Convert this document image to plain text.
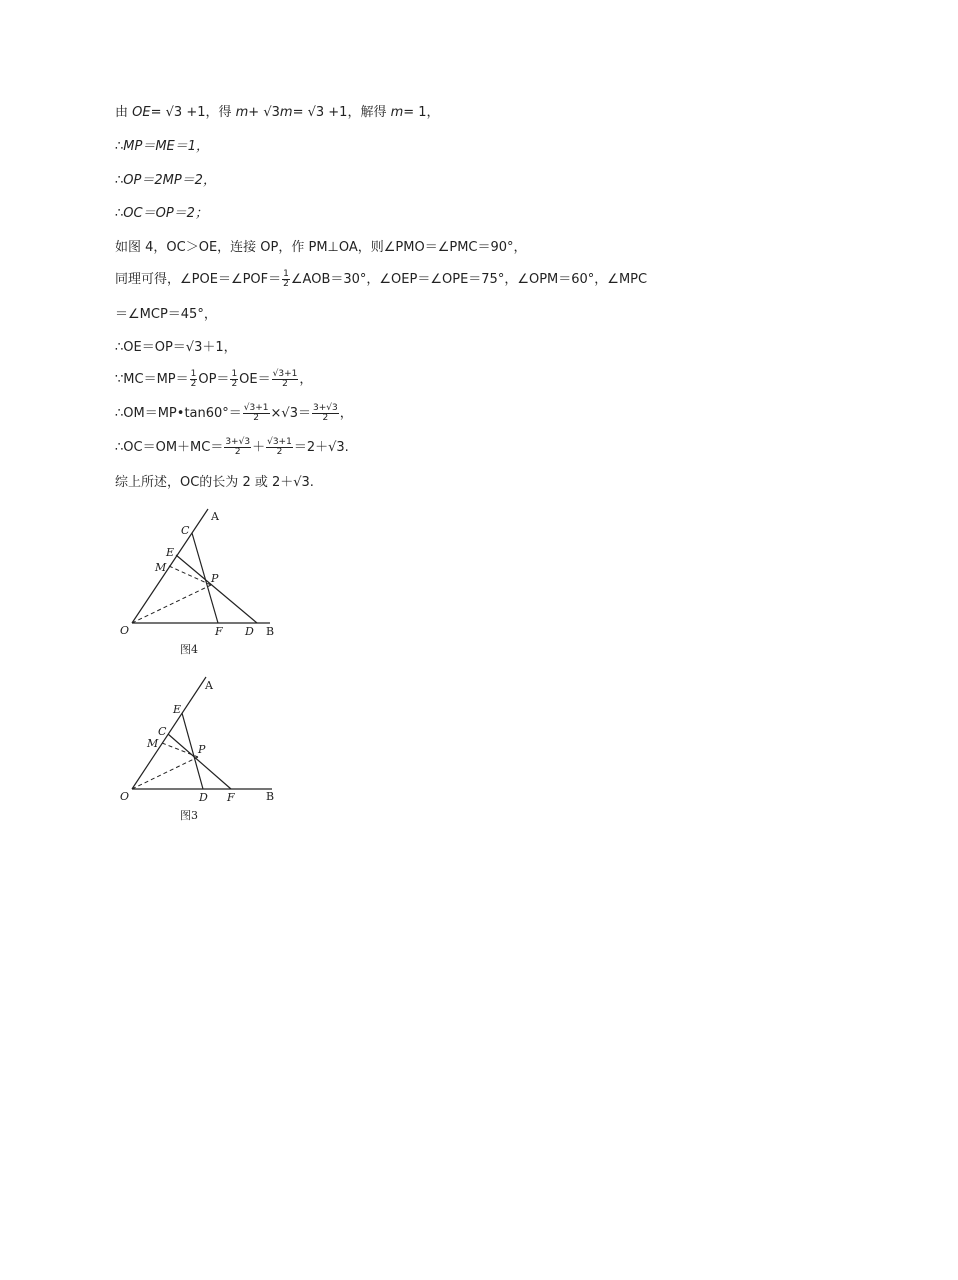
由 OE= √3 +1，得 m+ √3m= √3 +1，解得 m= 1，
∴MP＝ME＝1，
∴OP＝2MP＝2，
∴OC＝OP＝2；
如图 4，OC＞OE，连接 OP，作 PM⊥OA，则∠PMO＝∠PMC＝90°，
同理可得，∠POE＝∠POF＝ $\frac{1}{2}$ ∠AOB＝30°，∠OEP＝∠OPE＝75°，∠OPM＝60°，∠MPC
＝∠MCP＝45°，
∴OE＝OP＝√3＋1，
∵MC＝MP＝ $\frac{1}{2} OP= \frac{1}{2} OE= \frac{√3+1}{2}$ ，
∴OM＝MP•tan60°＝ $\frac{√3+1}{2} \times√3= \frac{3+√3}{2}$ ，
∴OC＝OM＋MC＝ $\frac{3+√3}{2} + \frac{√3+1}{2} =2+√3$.
综上所述，OC的长为 2 或 2＋√3.
A
C
E
M
P
O	F D B
图4
A
E
C
M	P
O	D F	B
图3
